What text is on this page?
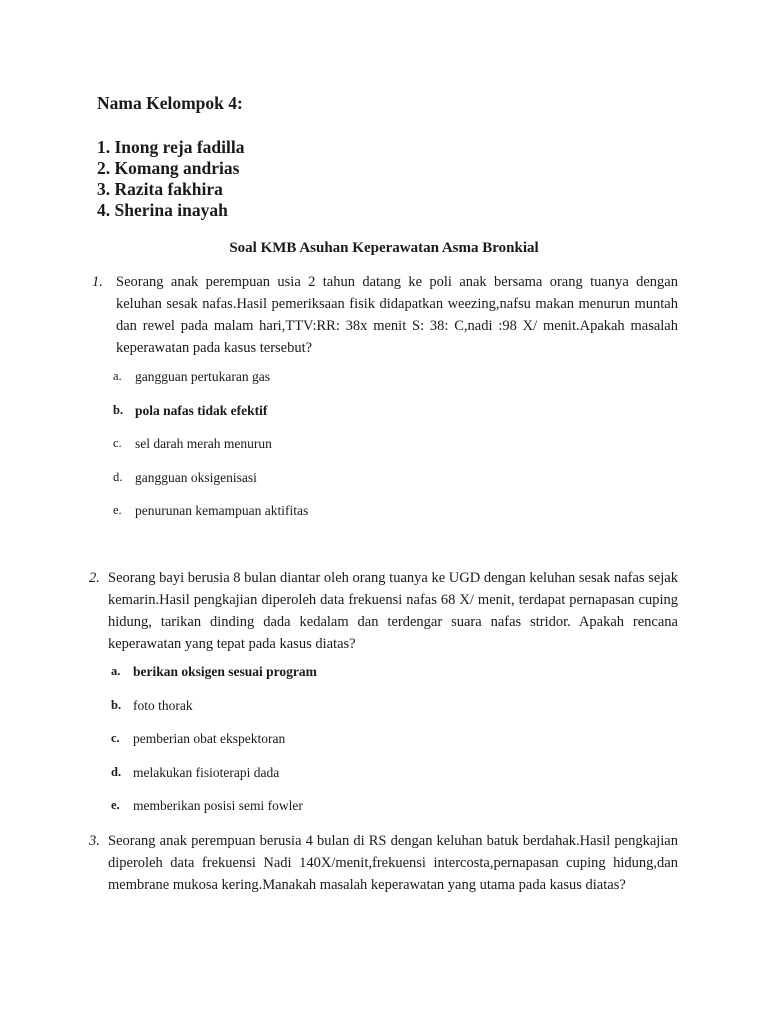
Nama Kelompok 4:
1. Inong reja fadilla
2. Komang andrias
3. Razita fakhira
4. Sherina inayah
Soal KMB Asuhan Keperawatan Asma Bronkial
1. Seorang anak perempuan usia 2 tahun datang ke poli anak bersama orang tuanya dengan keluhan sesak nafas.Hasil pemeriksaan fisik didapatkan weezing,nafsu makan menurun muntah dan rewel pada malam hari,TTV:RR: 38x menit S: 38: C,nadi :98 X/ menit.Apakah masalah keperawatan pada kasus tersebut?

a. gangguan pertukaran gas
b. pola nafas tidak efektif
c. sel darah merah menurun
d. gangguan oksigenisasi
e. penurunan kemampuan aktifitas
2. Seorang bayi berusia 8 bulan diantar oleh orang tuanya ke UGD dengan keluhan sesak nafas sejak kemarin.Hasil pengkajian diperoleh data frekuensi nafas 68 X/ menit, terdapat pernapasan cuping hidung, tarikan dinding dada kedalam dan terdengar suara nafas stridor. Apakah rencana keperawatan yang tepat pada kasus diatas?

a. berikan oksigen sesuai program
b. foto thorak
c. pemberian obat ekspektoran
d. melakukan fisioterapi dada
e. memberikan posisi semi fowler
3. Seorang anak perempuan berusia 4 bulan di RS dengan keluhan batuk berdahak.Hasil pengkajian diperoleh data frekuensi Nadi 140X/menit,frekuensi intercosta,pernapasan cuping hidung,dan membrane mukosa kering.Manakah masalah keperawatan yang utama pada kasus diatas?
